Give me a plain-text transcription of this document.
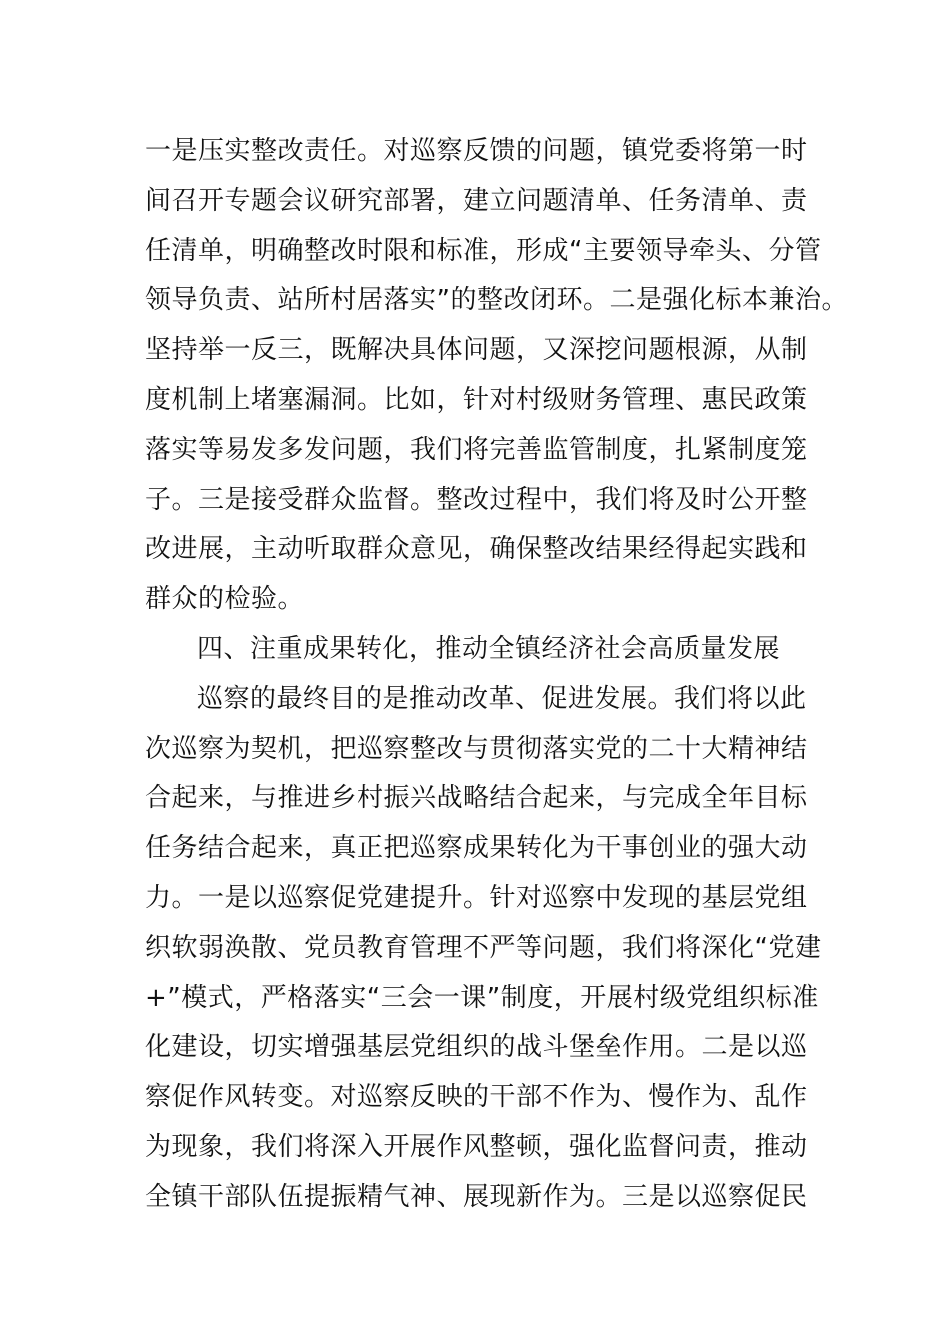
一是压实整改责任。对巡察反馈的问题，镇党委将第一时
间召开专题会议研究部署，建立问题清单、任务清单、责
任清单，明确整改时限和标准，形成“主要领导牵头、分管
领导负责、站所村居落实”的整改闭环。二是强化标本兼治。
坚持举一反三，既解决具体问题，又深挖问题根源，从制
度机制上堵塞漏洞。比如，针对村级财务管理、惠民政策
落实等易发多发问题，我们将完善监管制度，扎紧制度笼
子。三是接受群众监督。整改过程中，我们将及时公开整
改进展，主动听取群众意见，确保整改结果经得起实践和
群众的检验。
四、注重成果转化，推动全镇经济社会高质量发展
巡察的最终目的是推动改革、促进发展。我们将以此
次巡察为契机，把巡察整改与贯彻落实党的二十大精神结
合起来，与推进乡村振兴战略结合起来，与完成全年目标
任务结合起来，真正把巡察成果转化为干事创业的强大动
力。一是以巡察促党建提升。针对巡察中发现的基层党组
织软弱涣散、党员教育管理不严等问题，我们将深化“党建
+”模式，严格落实“三会一课”制度，开展村级党组织标准
化建设，切实增强基层党组织的战斗堡垒作用。二是以巡
察促作风转变。对巡察反映的干部不作为、慢作为、乱作
为现象，我们将深入开展作风整顿，强化监督问责，推动
全镇干部队伍提振精气神、展现新作为。三是以巡察促民
